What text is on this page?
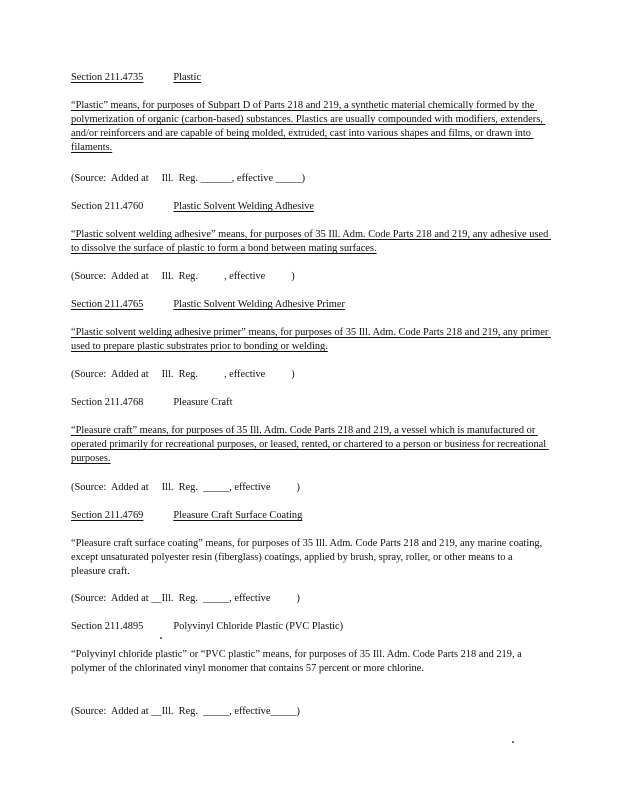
Section 211.4735	Plastic

“Plastic” means, for purposes of Subpart D of Parts 218 and 219, a synthetic material chemically formed by the polymerization of organic (carbon-based) substances. Plastics are usually compounded with modifiers, extenders, and/or reinforcers and are capable of being molded, extruded, cast into various shapes and films, or drawn into filaments.

(Source:  Added at     Ill.  Reg. ______, effective _____)

Section 211.4760	Plastic Solvent Welding Adhesive

“Plastic solvent welding adhesive” means, for purposes of 35 Ill. Adm. Code Parts 218 and 219, any adhesive used to dissolve the surface of plastic to form a bond between mating surfaces.

(Source:  Added at     Ill.  Reg.          , effective          )

Section 211.4765	Plastic Solvent Welding Adhesive Primer

“Plastic solvent welding adhesive primer” means, for purposes of 35 Ill. Adm. Code Parts 218 and 219, any primer used to prepare plastic substrates prior to bonding or welding.

(Source:  Added at     Ill.  Reg.          , effective          )

Section 211.4768	Pleasure Craft

“Pleasure craft” means, for purposes of 35 Ill. Adm. Code Parts 218 and 219, a vessel which is manufactured or operated primarily for recreational purposes, or leased, rented, or chartered to a person or business for recreational purposes.

(Source:  Added at     Ill.  Reg.  _____, effective          )

Section 211.4769	Pleasure Craft Surface Coating

“Pleasure craft surface coating” means, for purposes of 35 Ill. Adm. Code Parts 218 and 219, any marine coating, except unsaturated polyester resin (fiberglass) coatings, applied by brush, spray, roller, or other means to a pleasure craft.

(Source:  Added at __Ill.  Reg.  _____, effective          )

Section 211.4895	Polyvinyl Chloride Plastic (PVC Plastic)

“Polyvinyl chloride plastic” or “PVC plastic” means, for purposes of 35 Ill. Adm. Code Parts 218 and 219, a polymer of the chlorinated vinyl monomer that contains 57 percent or more chlorine.

(Source:  Added at __Ill.  Reg.  _____, effective_____)
